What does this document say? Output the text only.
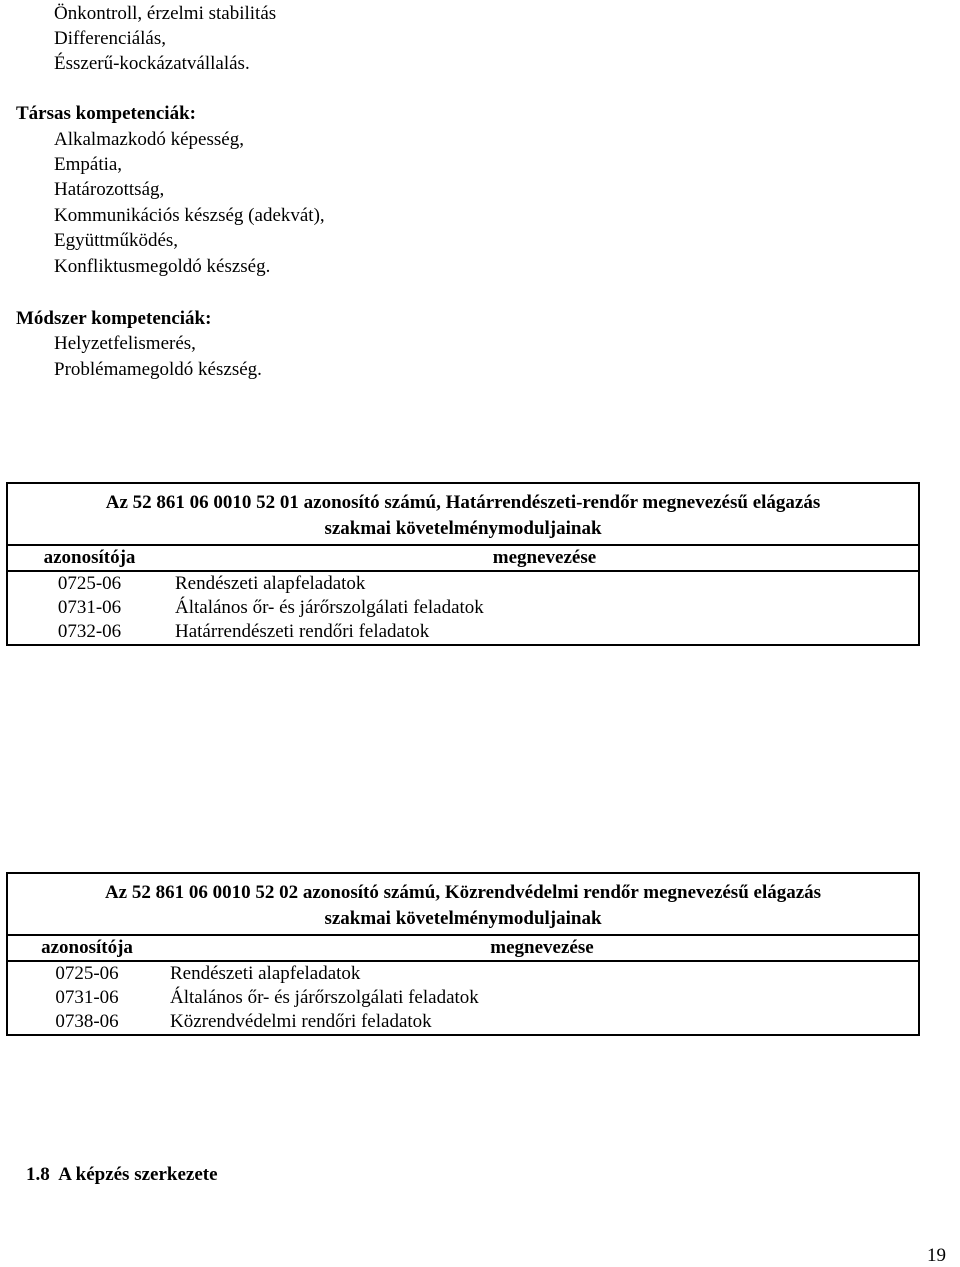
Önkontroll, érzelmi stabilitás
Differenciálás,
Ésszerű-kockázatvállalás.
Társas kompetenciák:
Alkalmazkodó képesség,
Empátia,
Határozottság,
Kommunikációs készség (adekvát),
Együttműködés,
Konfliktusmegoldó készség.
Módszer kompetenciák:
Helyzetfelismerés,
Problémamegoldó készség.
Az 52 861 06 0010 52 01 azonosító számú, Határrendészeti-rendőr megnevezésű elágazás
szakmai követelménymoduljainak	

azonosítója	megnevezése
0725-06	Rendészeti alapfeladatok
0731-06	Általános őr- és járőrszolgálati feladatok
0732-06	Határrendészeti rendőri feladatok
Az 52 861 06 0010 52 02 azonosító számú, Közrendvédelmi rendőr megnevezésű elágazás
szakmai követelménymoduljainak	

azonosítója	megnevezése
0725-06	Rendészeti alapfeladatok
0731-06	Általános őr- és járőrszolgálati feladatok
0738-06	Közrendvédelmi rendőri feladatok
1.8  A képzés szerkezete
19
